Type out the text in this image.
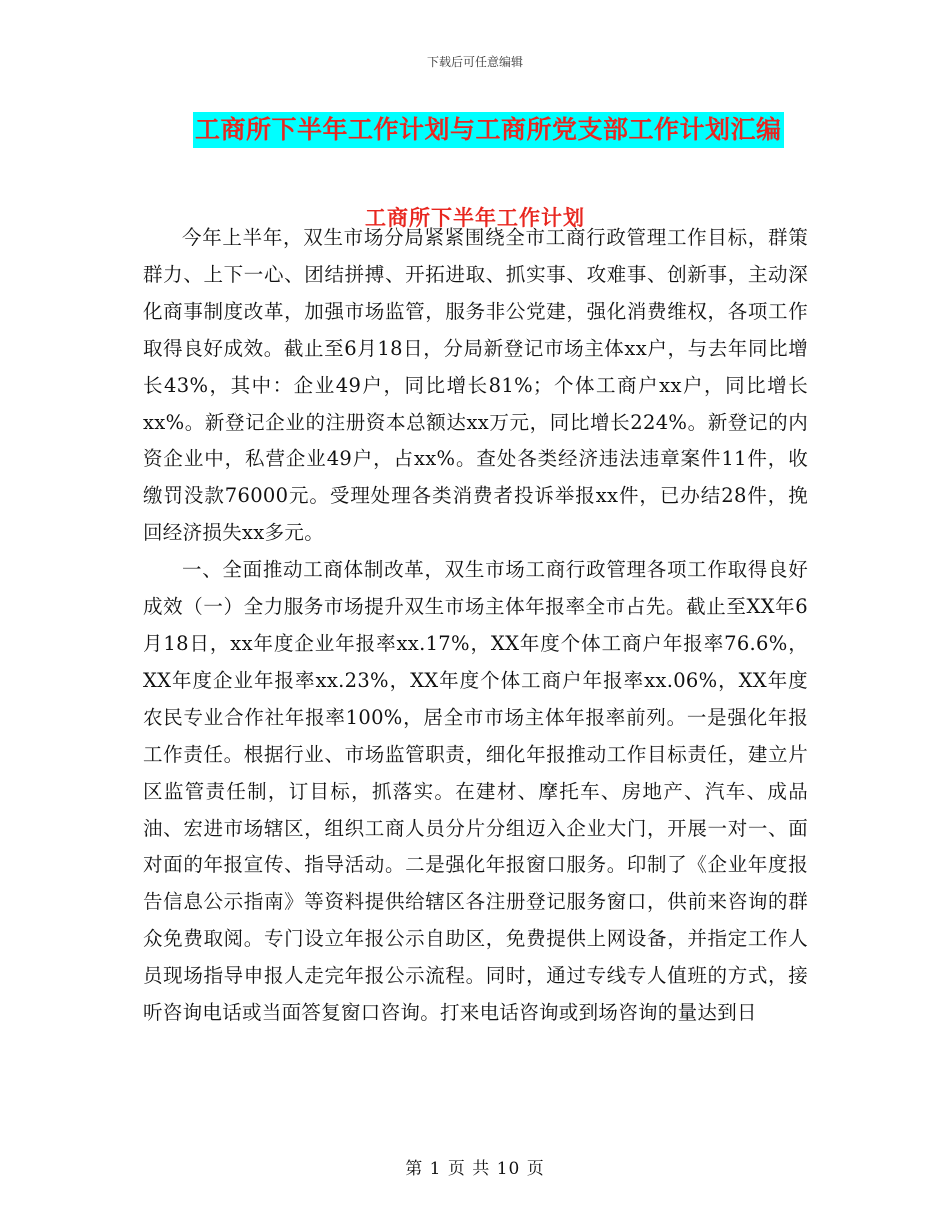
下载后可任意编辑
工商所下半年工作计划与工商所党支部工作计划汇编
工商所下半年工作计划

今年上半年，双生市场分局紧紧围绕全市工商行政管理工作目标，群策群力、上下一心、团结拼搏、开拓进取、抓实事、攻难事、创新事，主动深化商事制度改革，加强市场监管，服务非公党建，强化消费维权，各项工作取得良好成效。截止至6月18日，分局新登记市场主体xx户，与去年同比增长43%，其中：企业49户，同比增长81%；个体工商户xx户，同比增长xx%。新登记企业的注册资本总额达xx万元，同比增长224%。新登记的内资企业中，私营企业49户，占xx%。查处各类经济违法违章案件11件，收缴罚没款76000元。受理处理各类消费者投诉举报xx件，已办结28件，挽回经济损失xx多元。

一、全面推动工商体制改革，双生市场工商行政管理各项工作取得良好成效（一）全力服务市场提升双生市场主体年报率全市占先。截止至XX年6月18日，xx年度企业年报率xx.17%，XX年度个体工商户年报率76.6%，XX年度企业年报率xx.23%，XX年度个体工商户年报率xx.06%，XX年度农民专业合作社年报率100%，居全市市场主体年报率前列。一是强化年报工作责任。根据行业、市场监管职责，细化年报推动工作目标责任，建立片区监管责任制，订目标，抓落实。在建材、摩托车、房地产、汽车、成品油、宏进市场辖区，组织工商人员分片分组迈入企业大门，开展一对一、面对面的年报宣传、指导活动。二是强化年报窗口服务。印制了《企业年度报告信息公示指南》等资料提供给辖区各注册登记服务窗口，供前来咨询的群众免费取阅。专门设立年报公示自助区，免费提供上网设备，并指定工作人员现场指导申报人走完年报公示流程。同时，通过专线专人值班的方式，接听咨询电话或当面答复窗口咨询。打来电话咨询或到场咨询的量达到日

第 1 页 共 10 页
